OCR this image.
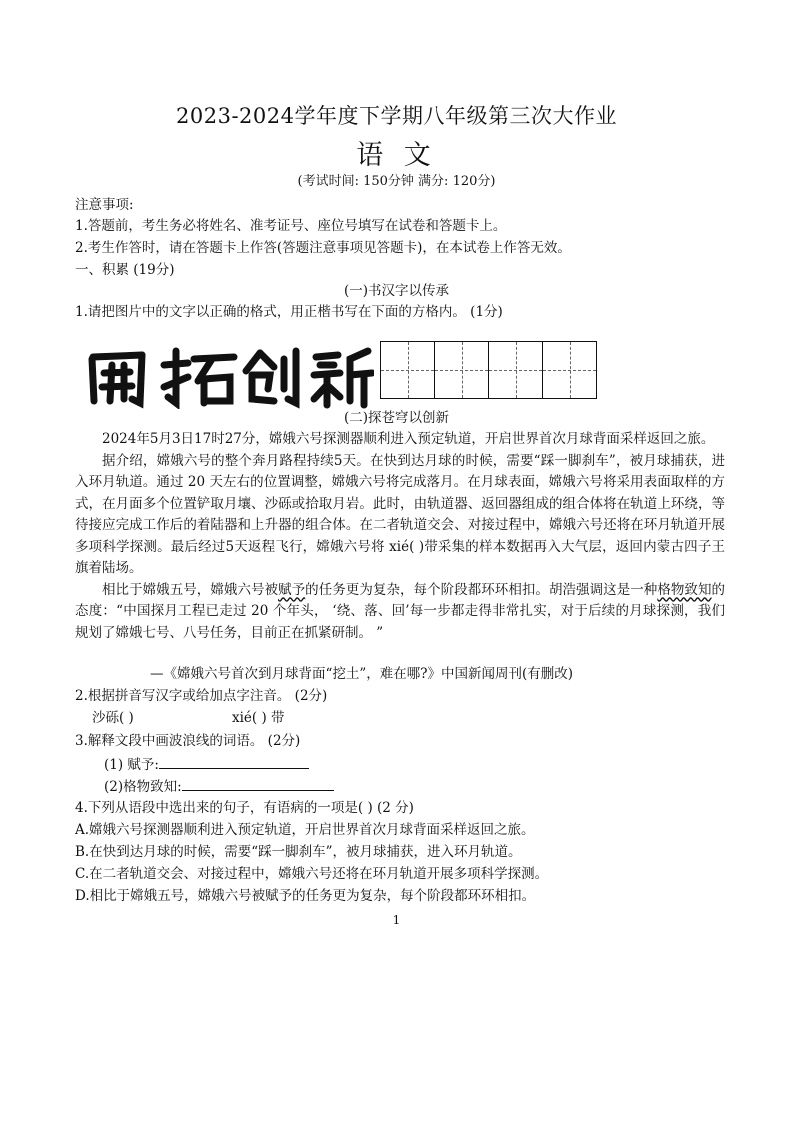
2023-2024学年度下学期八年级第三次大作业
语 文
(考试时间: 150分钟 满分: 120分)
注意事项:
1.答题前，考生务必将姓名、准考证号、座位号填写在试卷和答题卡上。
2.考生作答时，请在答题卡上作答(答题注意事项见答题卡)，在本试卷上作答无效。
一、积累 (19分)
(一)书汉字以传承
1.请把图片中的文字以正确的格式，用正楷书写在下面的方格内。 (1分)
(二)探苍穹以创新

2024年5月3日17时27分，嫦娥六号探测器顺利进入预定轨道，开启世界首次月球背面采样返回之旅。

据介绍，嫦娥六号的整个奔月路程持续5天。在快到达月球的时候，需要“踩一脚刹车”，被月球捕获，进入环月轨道。通过 20 天左右的位置调整，嫦娥六号将完成落月。在月球表面，嫦娥六号将采用表面取样的方式，在月面多个位置铲取月壤、沙砾或拾取月岩。此时，由轨道器、返回器组成的组合体将在轨道上环绕，等待接应完成工作后的着陆器和上升器的组合体。在二者轨道交会、对接过程中，嫦娥六号还将在环月轨道开展多项科学探测。最后经过5天返程飞行，嫦娥六号将 xié( )带采集的样本数据再入大气层，返回内蒙古四子王旗着陆场。

相比于嫦娥五号，嫦娥六号被赋予的任务更为复杂，每个阶段都环环相扣。胡浩强调这是一种格物致知的态度：“中国探月工程已走过 20 个年头， ‘绕、落、回’每一步都走得非常扎实，对于后续的月球探测，我们规划了嫦娥七号、八号任务，目前正在抓紧研制。 ”

—《嫦娥六号首次到月球背面“挖土”，难在哪?》中国新闻周刊(有删改)
2.根据拼音写汉字或给加点字注音。 (2分)
沙砾( )	xié( ) 带
3.解释文段中画波浪线的词语。 (2分)
(1) 赋予:
(2)格物致知:
4.下列从语段中选出来的句子，有语病的一项是( ) (2 分)
A.嫦娥六号探测器顺利进入预定轨道，开启世界首次月球背面采样返回之旅。
B.在快到达月球的时候，需要“踩一脚刹车”，被月球捕获，进入环月轨道。
C.在二者轨道交会、对接过程中，嫦娥六号还将在环月轨道开展多项科学探测。
D.相比于嫦娥五号，嫦娥六号被赋予的任务更为复杂，每个阶段都环环相扣。
1
